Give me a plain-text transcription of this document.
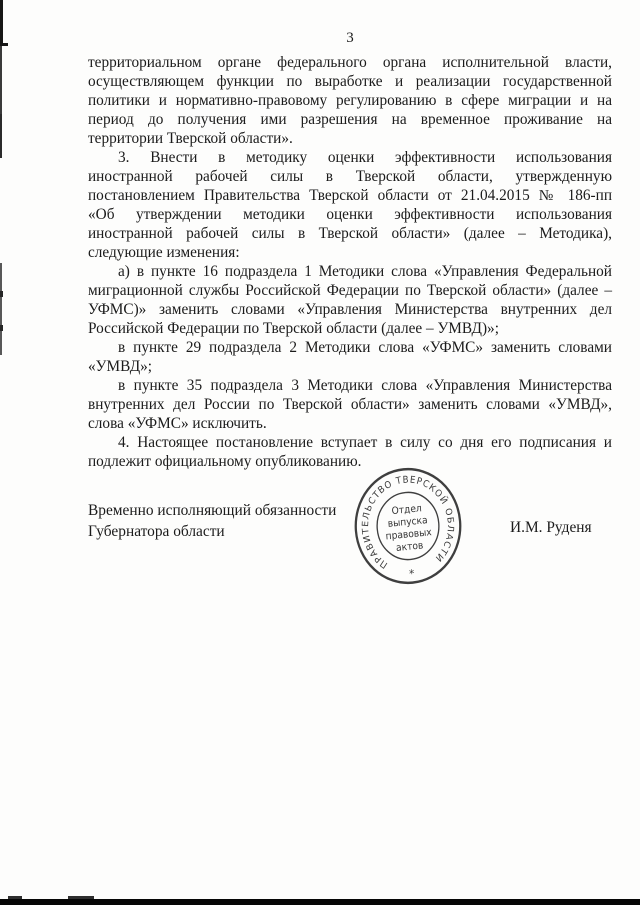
3
территориальном органе федерального органа исполнительной власти,
осуществляющем функции по выработке и реализации государственной
политики и нормативно-правовому регулированию в сфере миграции и на
период до получения ими разрешения на временное проживание на
территории Тверской области».
3. Внести в методику оценки эффективности использования
иностранной рабочей силы в Тверской области, утвержденную
постановлением Правительства Тверской области от 21.04.2015 № 186-пп
«Об утверждении методики оценки эффективности использования
иностранной рабочей силы в Тверской области» (далее – Методика),
следующие изменения:
а) в пункте 16 подраздела 1 Методики слова «Управления Федеральной
миграционной службы Российской Федерации по Тверской области» (далее –
УФМС)» заменить словами «Управления Министерства внутренних дел
Российской Федерации по Тверской области (далее – УМВД)»;
в пункте 29 подраздела 2 Методики слова «УФМС» заменить словами
«УМВД»;
в пункте 35 подраздела 3 Методики слова «Управления Министерства
внутренних дел России по Тверской области» заменить словами «УМВД»,
слова «УФМС» исключить.
4. Настоящее постановление вступает в силу со дня его подписания и
подлежит официальному опубликованию.
Временно исполняющий обязанности
Губернатора области	И.М. Руденя
ПРАВИТЕЛЬСТВО ТВЕРСКОЙ ОБЛАСТИ
*
Отдел
выпуска
правовых
актов
